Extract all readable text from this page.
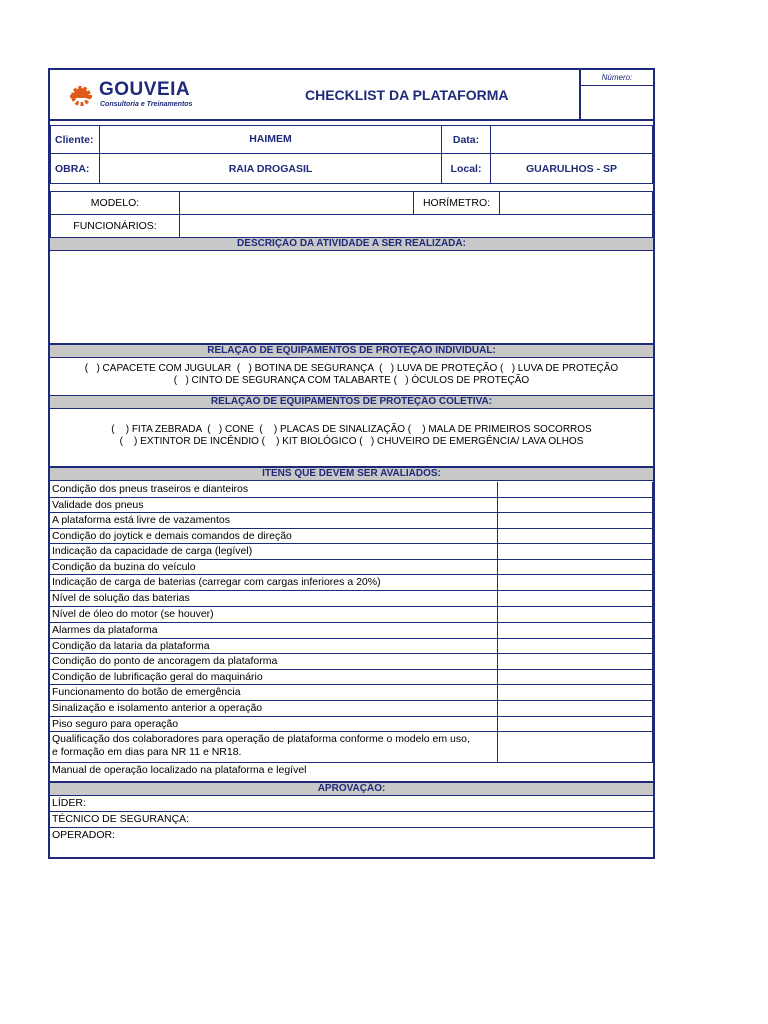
GOUVEIA
Consultoria e Treinamentos
CHECKLIST DA PLATAFORMA
Número:
Cliente:	HAIMEM	Data:
OBRA:	RAIA DROGASIL	Local:	GUARULHOS - SP
MODELO:	HORÍMETRO:
FUNCIONÁRIOS:
DESCRIÇÃO DA ATIVIDADE A SER REALIZADA:
RELAÇÃO DE EQUIPAMENTOS DE PROTEÇÃO INDIVIDUAL:
(   ) CAPACETE COM JUGULAR  (   ) BOTINA DE SEGURANÇA  (   ) LUVA DE PROTEÇÃO (   ) LUVA DE PROTEÇÃO
(   ) CINTO DE SEGURANÇA COM TALABARTE (   ) ÓCULOS DE PROTEÇÃO
RELAÇÃO DE EQUIPAMENTOS DE PROTEÇÃO COLETIVA:
(    ) FITA ZEBRADA  (   ) CONE  (    ) PLACAS DE SINALIZAÇÃO (    ) MALA DE PRIMEIROS SOCORROS
(    ) EXTINTOR DE INCÊNDIO (    ) KIT BIOLÓGICO (   ) CHUVEIRO DE EMERGÊNCIA/ LAVA OLHOS
ITENS QUE DEVEM SER AVALIADOS:
Condição dos pneus traseiros e dianteiros
Validade dos pneus
A plataforma está livre de vazamentos
Condição do joytick e demais comandos de direção
Indicação da capacidade de carga (legível)
Condição da buzina do veículo
Indicação de carga de baterias (carregar com cargas inferiores a 20%)
Nível de solução das baterias
Nível de óleo do motor (se houver)
Alarmes da plataforma
Condição da lataria da plataforma
Condição do ponto de ancoragem da plataforma
Condição de lubrificação geral do maquinário
Funcionamento do botão de emergência
Sinalização e isolamento anterior a operação
Piso seguro para operação
Qualificação dos colaboradores para operação de plataforma conforme o modelo em uso,
e formação em dias para NR 11 e NR18.
Manual de operação localizado na plataforma e legível
APROVAÇÃO:
LÍDER:
TÉCNICO DE SEGURANÇA:
OPERADOR:
